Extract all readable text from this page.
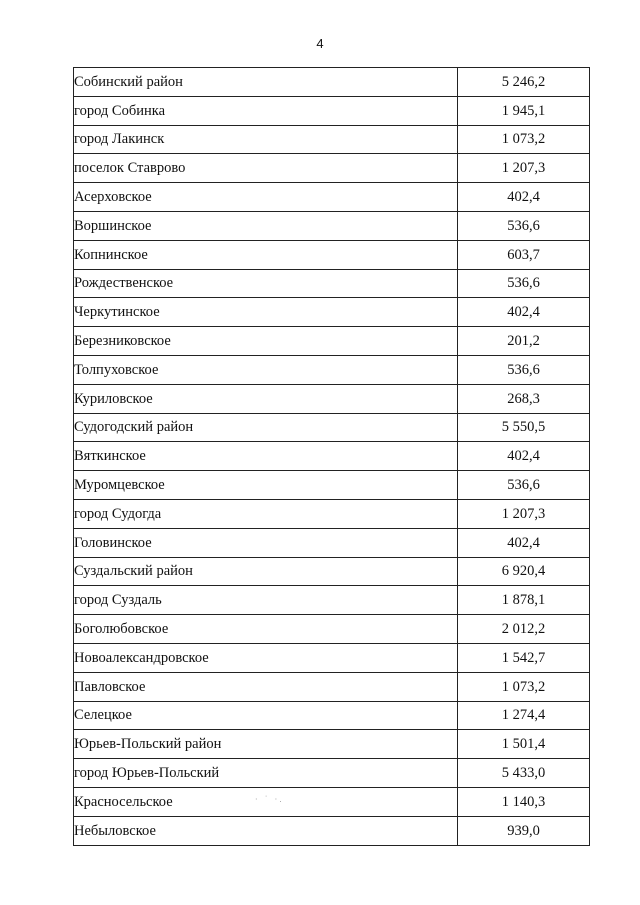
4
Собинский район	5 246,2
город Собинка	1 945,1
город Лакинск	1 073,2
поселок Ставрово	1 207,3
Асерховское	402,4
Воршинское	536,6
Копнинское	603,7
Рождественское	536,6
Черкутинское	402,4
Березниковское	201,2
Толпуховское	536,6
Куриловское	268,3
Судогодский район	5 550,5
Вяткинское	402,4
Муромцевское	536,6
город Судогда	1 207,3
Головинское	402,4
Суздальский район	6 920,4
город Суздаль	1 878,1
Боголюбовское	2 012,2
Новоалександровское	1 542,7
Павловское	1 073,2
Селецкое	1 274,4
Юрьев-Польский район	1 501,4
город Юрьев-Польский	5 433,0
Красносельское	1 140,3
Небыловское	939,0
· ˙ ·.
